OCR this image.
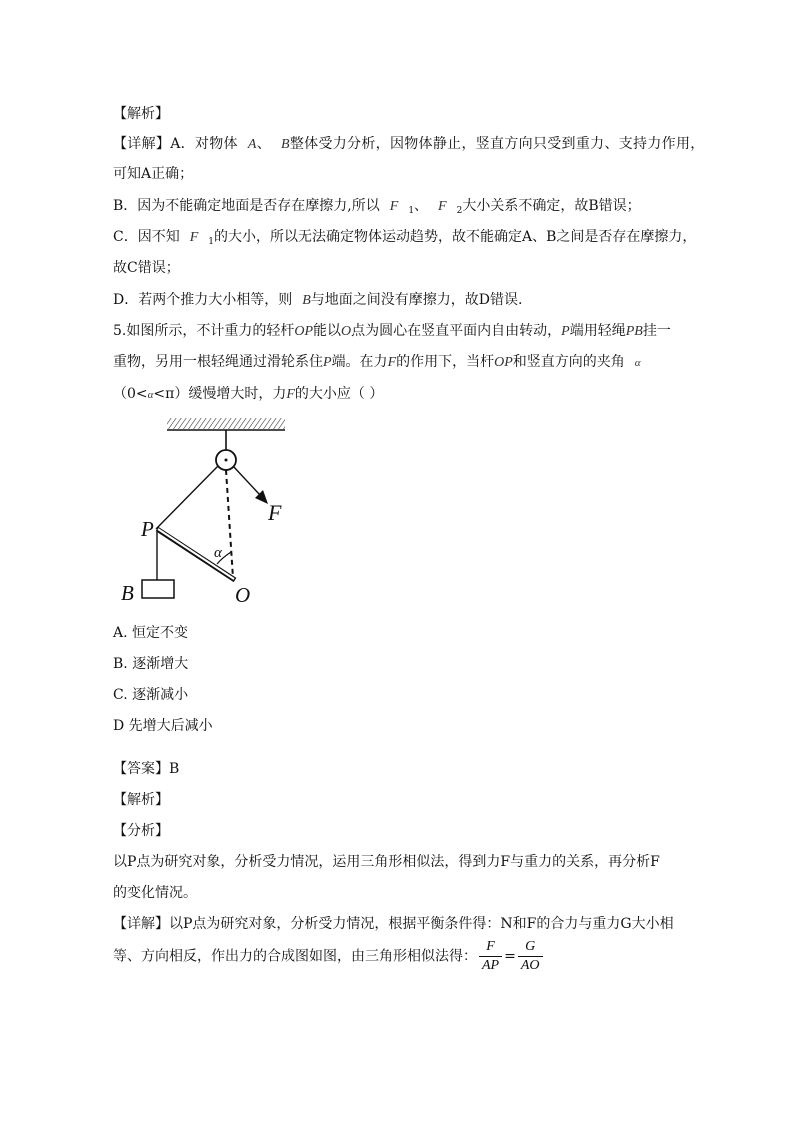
【解析】
【详解】A．对物体 A、 B整体受力分析，因物体静止，竖直方向只受到重力、支持力作用，
可知A正确；
B．因为不能确定地面是否存在摩擦力,所以 F $_1$、 F $_2$大小关系不确定，故B错误；
C．因不知 F $_1$的大小，所以无法确定物体运动趋势，故不能确定A、B之间是否存在摩擦力，
故C错误；
D．若两个推力大小相等，则 B与地面之间没有摩擦力，故D错误.
5.如图所示，不计重力的轻杆OP能以O点为圆心在竖直平面内自由转动，P端用轻绳PB挂一
重物，另用一根轻绳通过滑轮系住P端。在力F的作用下，当杆OP和竖直方向的夹角 α
（0<α<π）缓慢增大时，力F的大小应（ ）
F
P
α
B	O
A. 恒定不变
B. 逐渐增大
C. 逐渐减小
D 先增大后减小
【答案】B
【解析】
【分析】
以P点为研究对象，分析受力情况，运用三角形相似法，得到力F与重力的关系，再分析F
的变化情况。
【详解】以P点为研究对象，分析受力情况，根据平衡条件得：N和F的合力与重力G大小相
等、方向相反，作出力的合成图如图，由三角形相似法得： $\frac{F}{AP} = \frac{G}{AO}$
